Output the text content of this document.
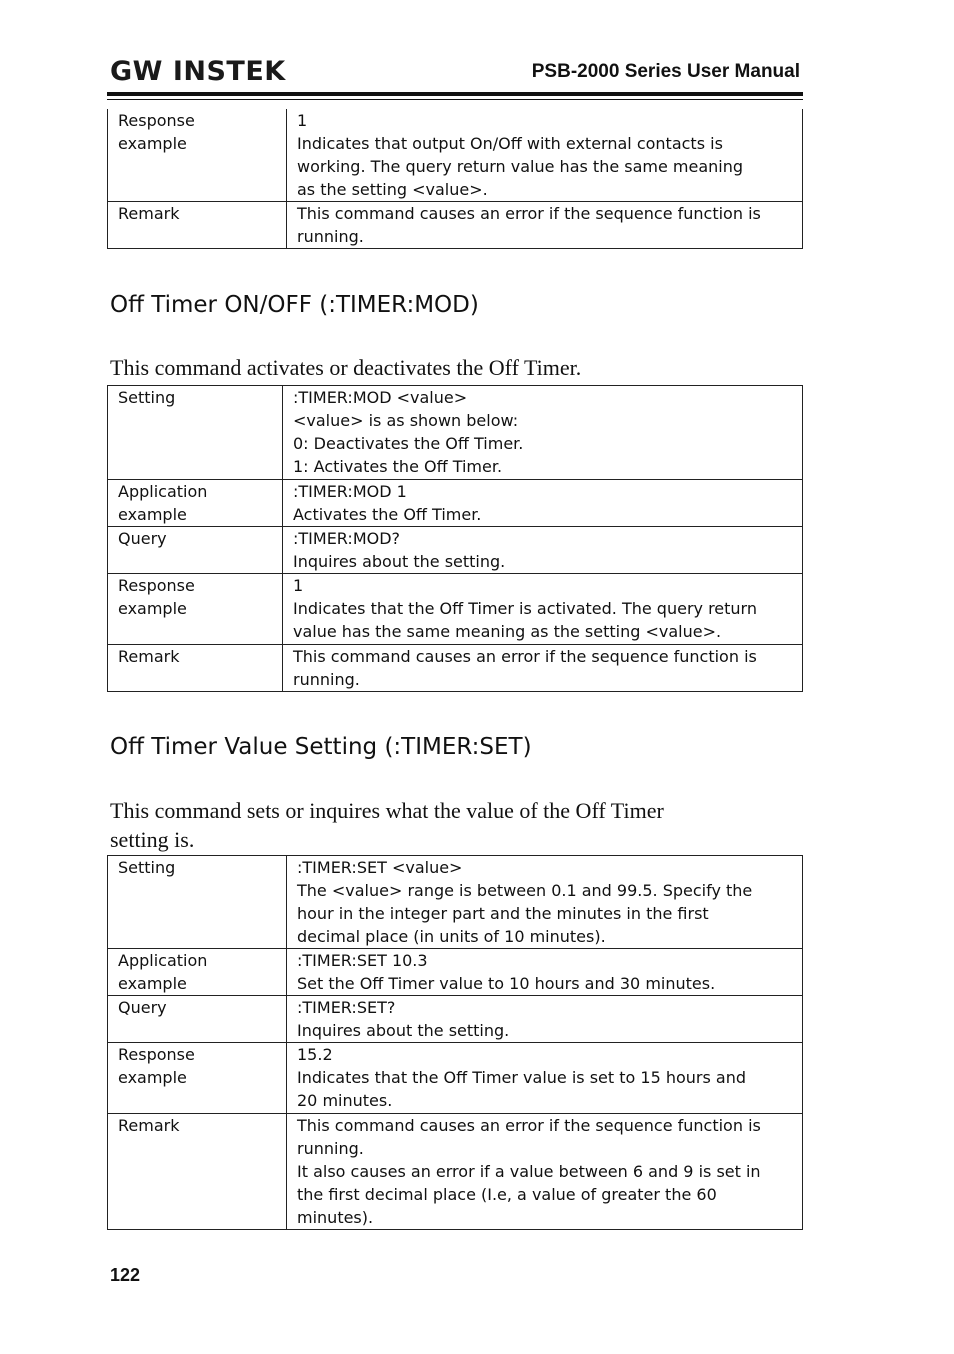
GW INSTEK	PSB-2000 Series User Manual
Response
example	1
Indicates that output On/Off with external contacts is
working. The query return value has the same meaning
as the setting <value>.
Remark	This command causes an error if the sequence function is
running.
Off Timer ON/OFF (:TIMER:MOD)
This command activates or deactivates the Off Timer.
Setting	:TIMER:MOD <value>
<value> is as shown below:
0: Deactivates the Off Timer.
1: Activates the Off Timer.
Application
example	:TIMER:MOD 1
Activates the Off Timer.
Query	:TIMER:MOD?
Inquires about the setting.
Response
example	1
Indicates that the Off Timer is activated. The query return
value has the same meaning as the setting <value>.
Remark	This command causes an error if the sequence function is
running.
Off Timer Value Setting (:TIMER:SET)
This command sets or inquires what the value of the Off Timer
setting is.
Setting	:TIMER:SET <value>
The <value> range is between 0.1 and 99.5. Specify the
hour in the integer part and the minutes in the first
decimal place (in units of 10 minutes).
Application
example	:TIMER:SET 10.3
Set the Off Timer value to 10 hours and 30 minutes.
Query	:TIMER:SET?
Inquires about the setting.
Response
example	15.2
Indicates that the Off Timer value is set to 15 hours and
20 minutes.
Remark	This command causes an error if the sequence function is
running.
It also causes an error if a value between 6 and 9 is set in
the first decimal place (I.e, a value of greater the 60
minutes).
122
